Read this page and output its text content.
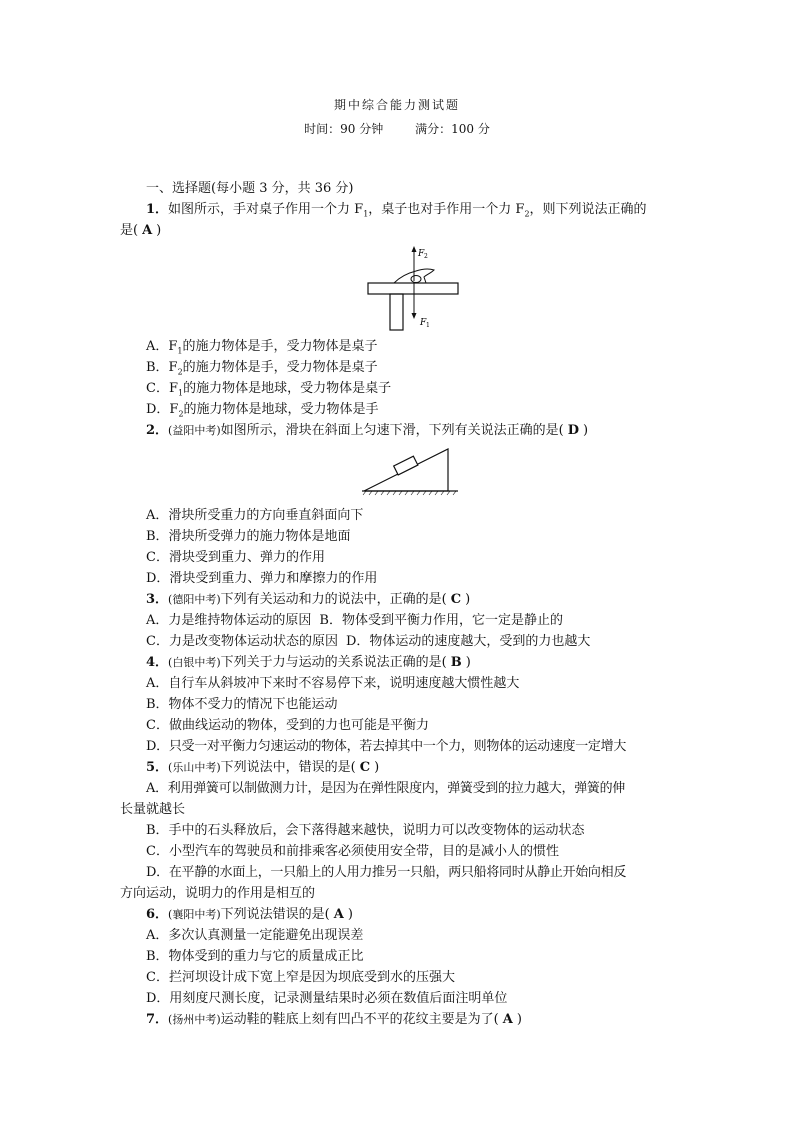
期中综合能力测试题
时间：90 分钟	满分：100 分
一、选择题(每小题 3 分，共 36 分)
1．如图所示，手对桌子作用一个力 $F_1$，桌子也对手作用一个力 $F_2$，则下列说法正确的
是( A )
F 2
F 1
A．$F_1$的施力物体是手，受力物体是桌子
B．$F_2$的施力物体是手，受力物体是桌子
C．$F_1$的施力物体是地球，受力物体是桌子
D．$F_2$的施力物体是地球，受力物体是手
2．(益阳中考)如图所示，滑块在斜面上匀速下滑，下列有关说法正确的是( D )
A．滑块所受重力的方向垂直斜面向下
B．滑块所受弹力的施力物体是地面
C．滑块受到重力、弹力的作用
D．滑块受到重力、弹力和摩擦力的作用
3．(德阳中考)下列有关运动和力的说法中，正确的是( C )
A．力是维持物体运动的原因 B．物体受到平衡力作用，它一定是静止的
C．力是改变物体运动状态的原因 D．物体运动的速度越大，受到的力也越大
4．(白银中考)下列关于力与运动的关系说法正确的是( B )
A．自行车从斜坡冲下来时不容易停下来，说明速度越大惯性越大
B．物体不受力的情况下也能运动
C．做曲线运动的物体，受到的力也可能是平衡力
D．只受一对平衡力匀速运动的物体，若去掉其中一个力，则物体的运动速度一定增大
5．(乐山中考)下列说法中，错误的是( C )
A．利用弹簧可以制做测力计，是因为在弹性限度内，弹簧受到的拉力越大，弹簧的伸
长量就越长
B．手中的石头释放后，会下落得越来越快，说明力可以改变物体的运动状态
C．小型汽车的驾驶员和前排乘客必须使用安全带，目的是减小人的惯性
D．在平静的水面上，一只船上的人用力推另一只船，两只船将同时从静止开始向相反
方向运动，说明力的作用是相互的
6．(襄阳中考)下列说法错误的是( A )
A．多次认真测量一定能避免出现误差
B．物体受到的重力与它的质量成正比
C．拦河坝设计成下宽上窄是因为坝底受到水的压强大
D．用刻度尺测长度，记录测量结果时必须在数值后面注明单位
7．(扬州中考)运动鞋的鞋底上刻有凹凸不平的花纹主要是为了( A )
